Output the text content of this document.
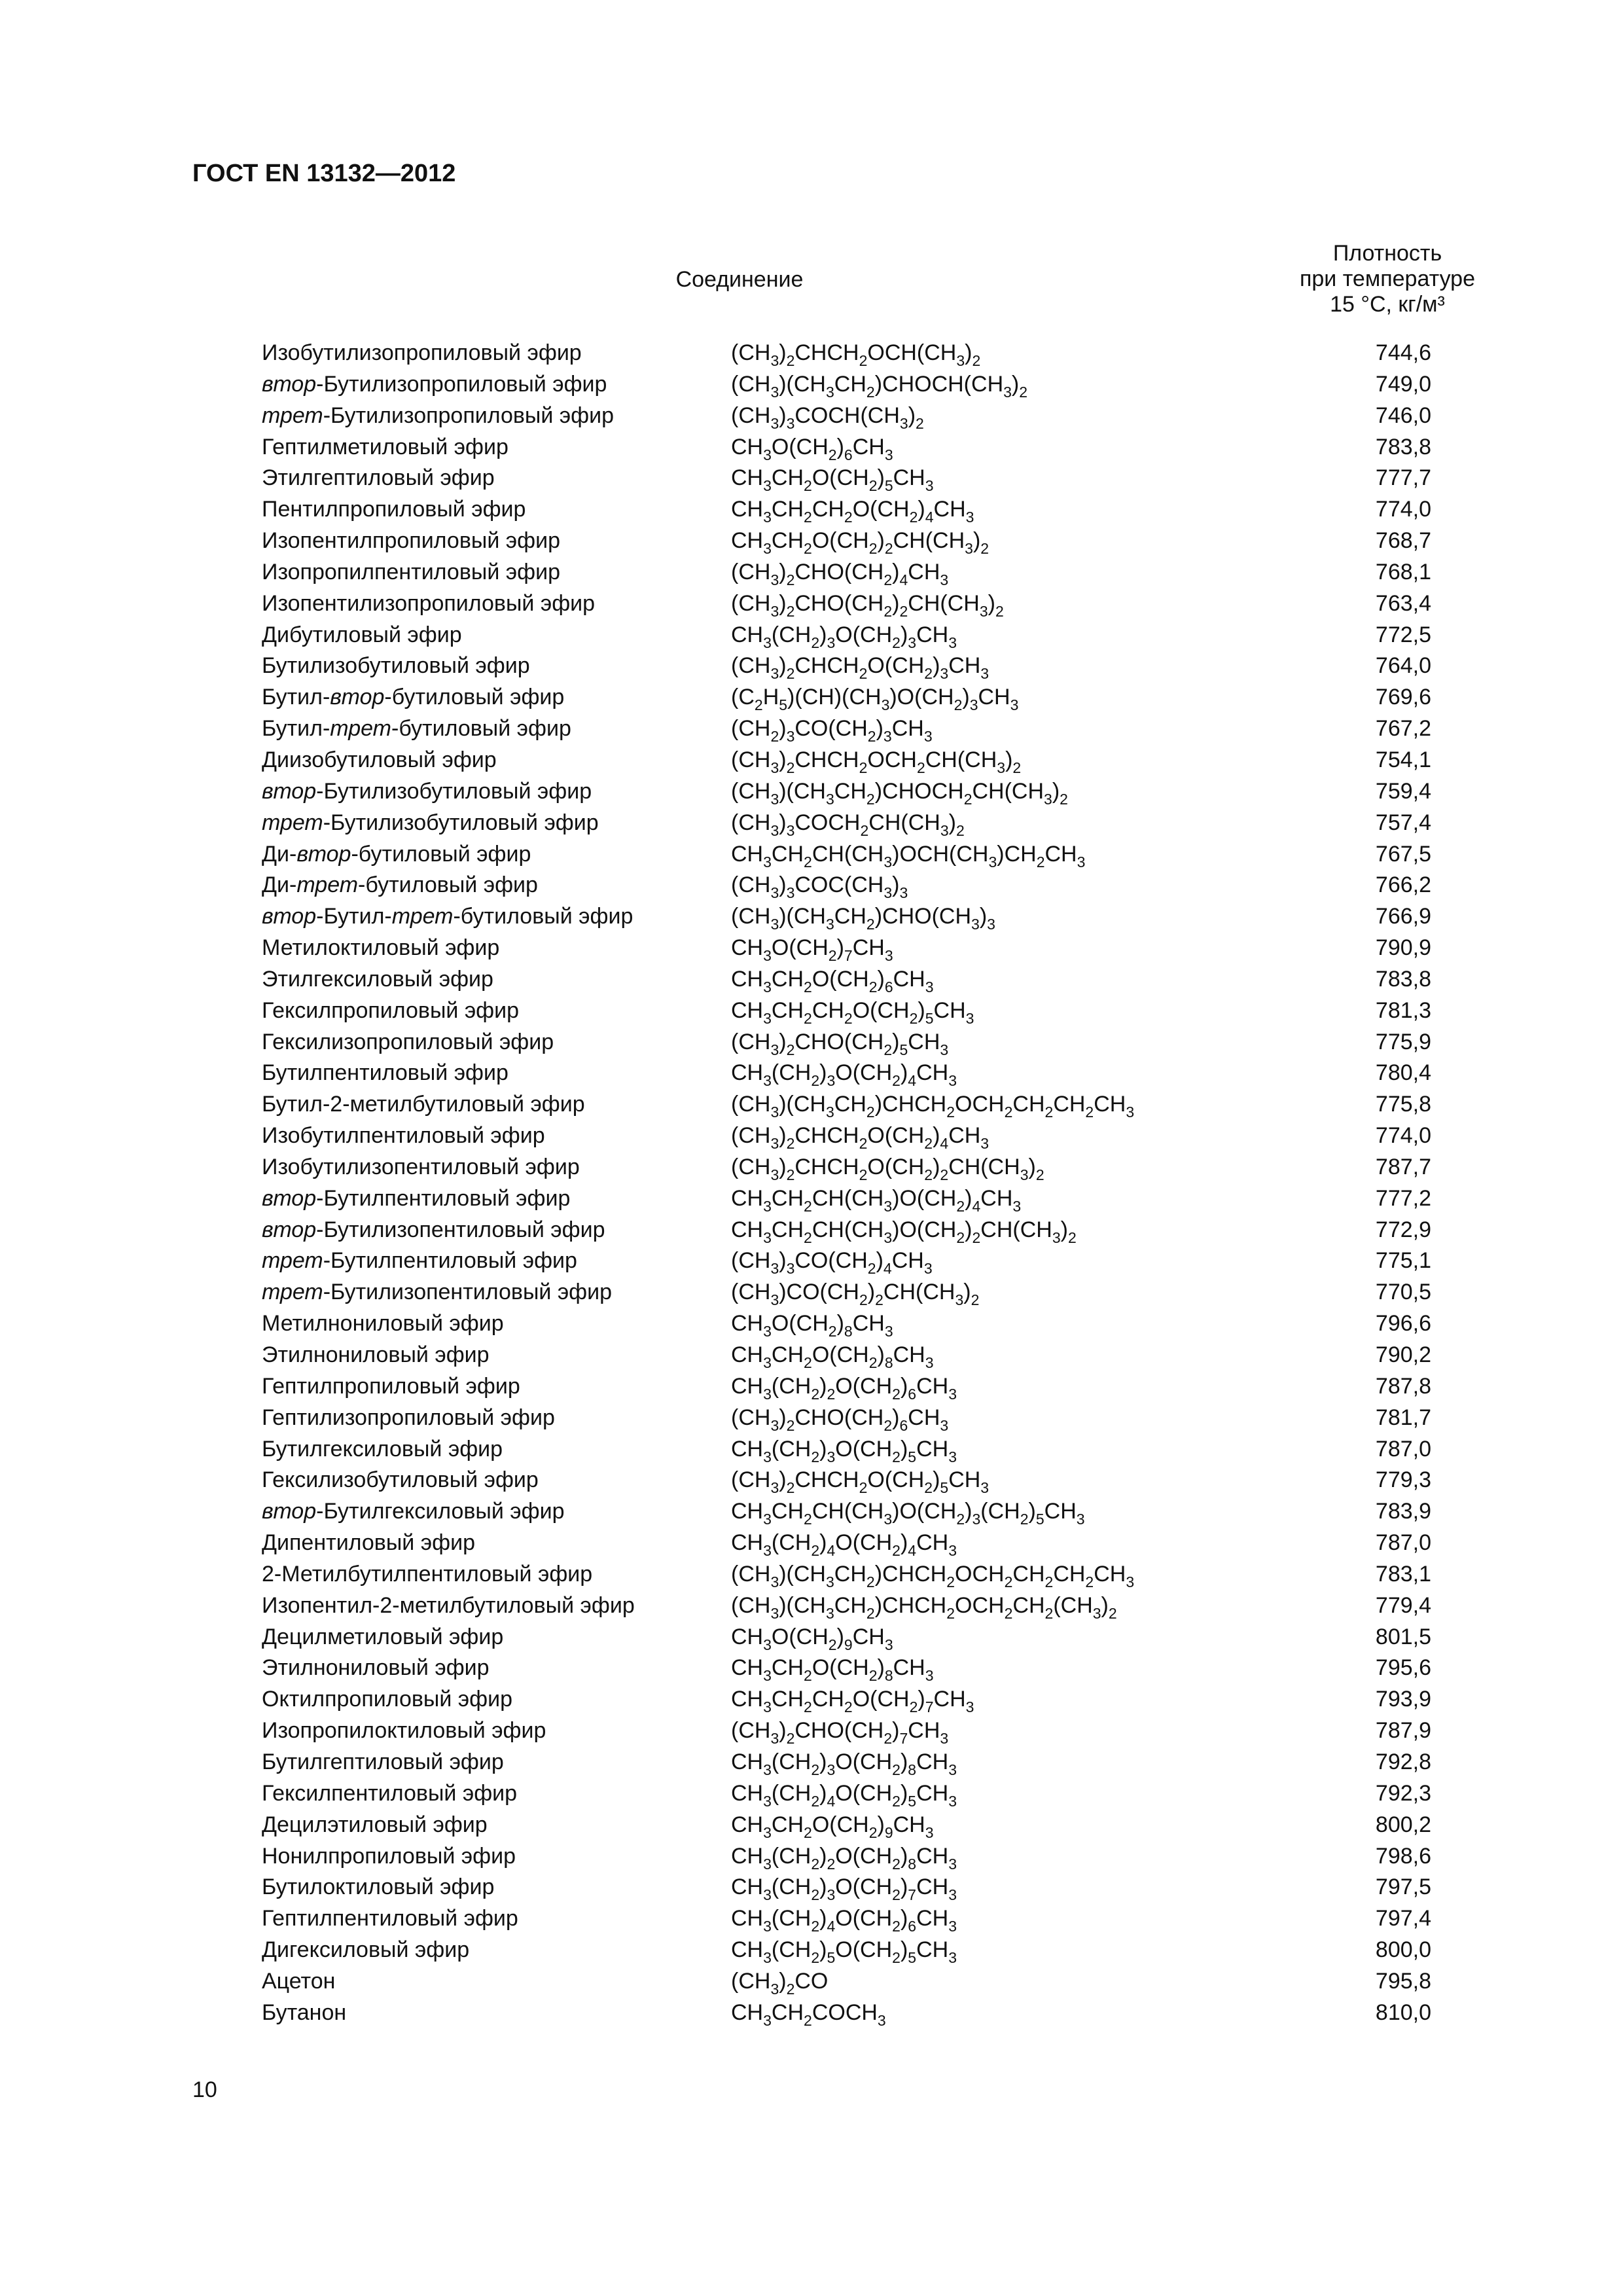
ГОСТ EN 13132—2012
Соединение
Плотность
при температуре
15 °С, кг/м³
Изобутилизопропиловый эфир	$(CH_3)_2CHCH_2OCH(CH_3)_2$	744,6
втор-Бутилизопропиловый эфир	$(CH_3)(CH_3CH_2)CHOCH(CH_3)_2$	749,0
трет-Бутилизопропиловый эфир	$(CH_3)_3COCH(CH_3)_2$	746,0
Гептилметиловый эфир	$CH_3O(CH_2)_6CH_3$	783,8
Этилгептиловый эфир	$CH_3CH_2O(CH_2)_5CH_3$	777,7
Пентилпропиловый эфир	$CH_3CH_2CH_2O(CH_2)_4CH_3$	774,0
Изопентилпропиловый эфир	$CH_3CH_2O(CH_2)_2CH(CH_3)_2$	768,7
Изопропилпентиловый эфир	$(CH_3)_2CHO(CH_2)_4CH_3$	768,1
Изопентилизопропиловый эфир	$(CH_3)_2CHO(CH_2)_2CH(CH_3)_2$	763,4
Дибутиловый эфир	$CH_3(CH_2)_3O(CH_2)_3CH_3$	772,5
Бутилизобутиловый эфир	$(CH_3)_2CHCH_2O(CH_2)_3CH_3$	764,0
Бутил-втор-бутиловый эфир	$(C_2H_5)(CH)(CH_3)O(CH_2)_3CH_3$	769,6
Бутил-трет-бутиловый эфир	$(CH_2)_3CO(CH_2)_3CH_3$	767,2
Диизобутиловый эфир	$(CH_3)_2CHCH_2OCH_2CH(CH_3)_2$	754,1
втор-Бутилизобутиловый эфир	$(CH_3)(CH_3CH_2)CHOCH_2CH(CH_3)_2$	759,4
трет-Бутилизобутиловый эфир	$(CH_3)_3COCH_2CH(CH_3)_2$	757,4
Ди-втор-бутиловый эфир	$CH_3CH_2CH(CH_3)OCH(CH_3)CH_2CH_3$	767,5
Ди-трет-бутиловый эфир	$(CH_3)_3COC(CH_3)_3$	766,2
втор-Бутил-трет-бутиловый эфир	$(CH_3)(CH_3CH_2)CHO(CH_3)_3$	766,9
Метилоктиловый эфир	$CH_3O(CH_2)_7CH_3$	790,9
Этилгексиловый эфир	$CH_3CH_2O(CH_2)_6CH_3$	783,8
Гексилпропиловый эфир	$CH_3CH_2CH_2O(CH_2)_5CH_3$	781,3
Гексилизопропиловый эфир	$(CH_3)_2CHO(CH_2)_5CH_3$	775,9
Бутилпентиловый эфир	$CH_3(CH_2)_3O(CH_2)_4CH_3$	780,4
Бутил-2-метилбутиловый эфир	$(CH_3)(CH_3CH_2)CHCH_2OCH_2CH_2CH_2CH_3$	775,8
Изобутилпентиловый эфир	$(CH_3)_2CHCH_2O(CH_2)_4CH_3$	774,0
Изобутилизопентиловый эфир	$(CH_3)_2CHCH_2O(CH_2)_2CH(CH_3)_2$	787,7
втор-Бутилпентиловый эфир	$CH_3CH_2CH(CH_3)O(CH_2)_4CH_3$	777,2
втор-Бутилизопентиловый эфир	$CH_3CH_2CH(CH_3)O(CH_2)_2CH(CH_3)_2$	772,9
трет-Бутилпентиловый эфир	$(CH_3)_3CO(CH_2)_4CH_3$	775,1
трет-Бутилизопентиловый эфир	$(CH_3)CO(CH_2)_2CH(CH_3)_2$	770,5
Метилнониловый эфир	$CH_3O(CH_2)_8CH_3$	796,6
Этилнониловый эфир	$CH_3CH_2O(CH_2)_8CH_3$	790,2
Гептилпропиловый эфир	$CH_3(CH_2)_2O(CH_2)_6CH_3$	787,8
Гептилизопропиловый эфир	$(CH_3)_2CHO(CH_2)_6CH_3$	781,7
Бутилгексиловый эфир	$CH_3(CH_2)_3O(CH_2)_5CH_3$	787,0
Гексилизобутиловый эфир	$(CH_3)_2CHCH_2O(CH_2)_5CH_3$	779,3
втор-Бутилгексиловый эфир	$CH_3CH_2CH(CH_3)O(CH_2)_3(CH_2)_5CH_3$	783,9
Дипентиловый эфир	$CH_3(CH_2)_4O(CH_2)_4CH_3$	787,0
2-Метилбутилпентиловый эфир	$(CH_3)(CH_3CH_2)CHCH_2OCH_2CH_2CH_2CH_3$	783,1
Изопентил-2-метилбутиловый эфир	$(CH_3)(CH_3CH_2)CHCH_2OCH_2CH_2(CH_3)_2$	779,4
Децилметиловый эфир	$CH_3O(CH_2)_9CH_3$	801,5
Этилнониловый эфир	$CH_3CH_2O(CH_2)_8CH_3$	795,6
Октилпропиловый эфир	$CH_3CH_2CH_2O(CH_2)_7CH_3$	793,9
Изопропилоктиловый эфир	$(CH_3)_2CHO(CH_2)_7CH_3$	787,9
Бутилгептиловый эфир	$CH_3(CH_2)_3O(CH_2)_8CH_3$	792,8
Гексилпентиловый эфир	$CH_3(CH_2)_4O(CH_2)_5CH_3$	792,3
Децилэтиловый эфир	$CH_3CH_2O(CH_2)_9CH_3$	800,2
Нонилпропиловый эфир	$CH_3(CH_2)_2O(CH_2)_8CH_3$	798,6
Бутилоктиловый эфир	$CH_3(CH_2)_3O(CH_2)_7CH_3$	797,5
Гептилпентиловый эфир	$CH_3(CH_2)_4O(CH_2)_6CH_3$	797,4
Дигексиловый эфир	$CH_3(CH_2)_5O(CH_2)_5CH_3$	800,0
Ацетон	$(CH_3)_2CO$	795,8
Бутанон	$CH_3CH_2COCH_3$	810,0
10
